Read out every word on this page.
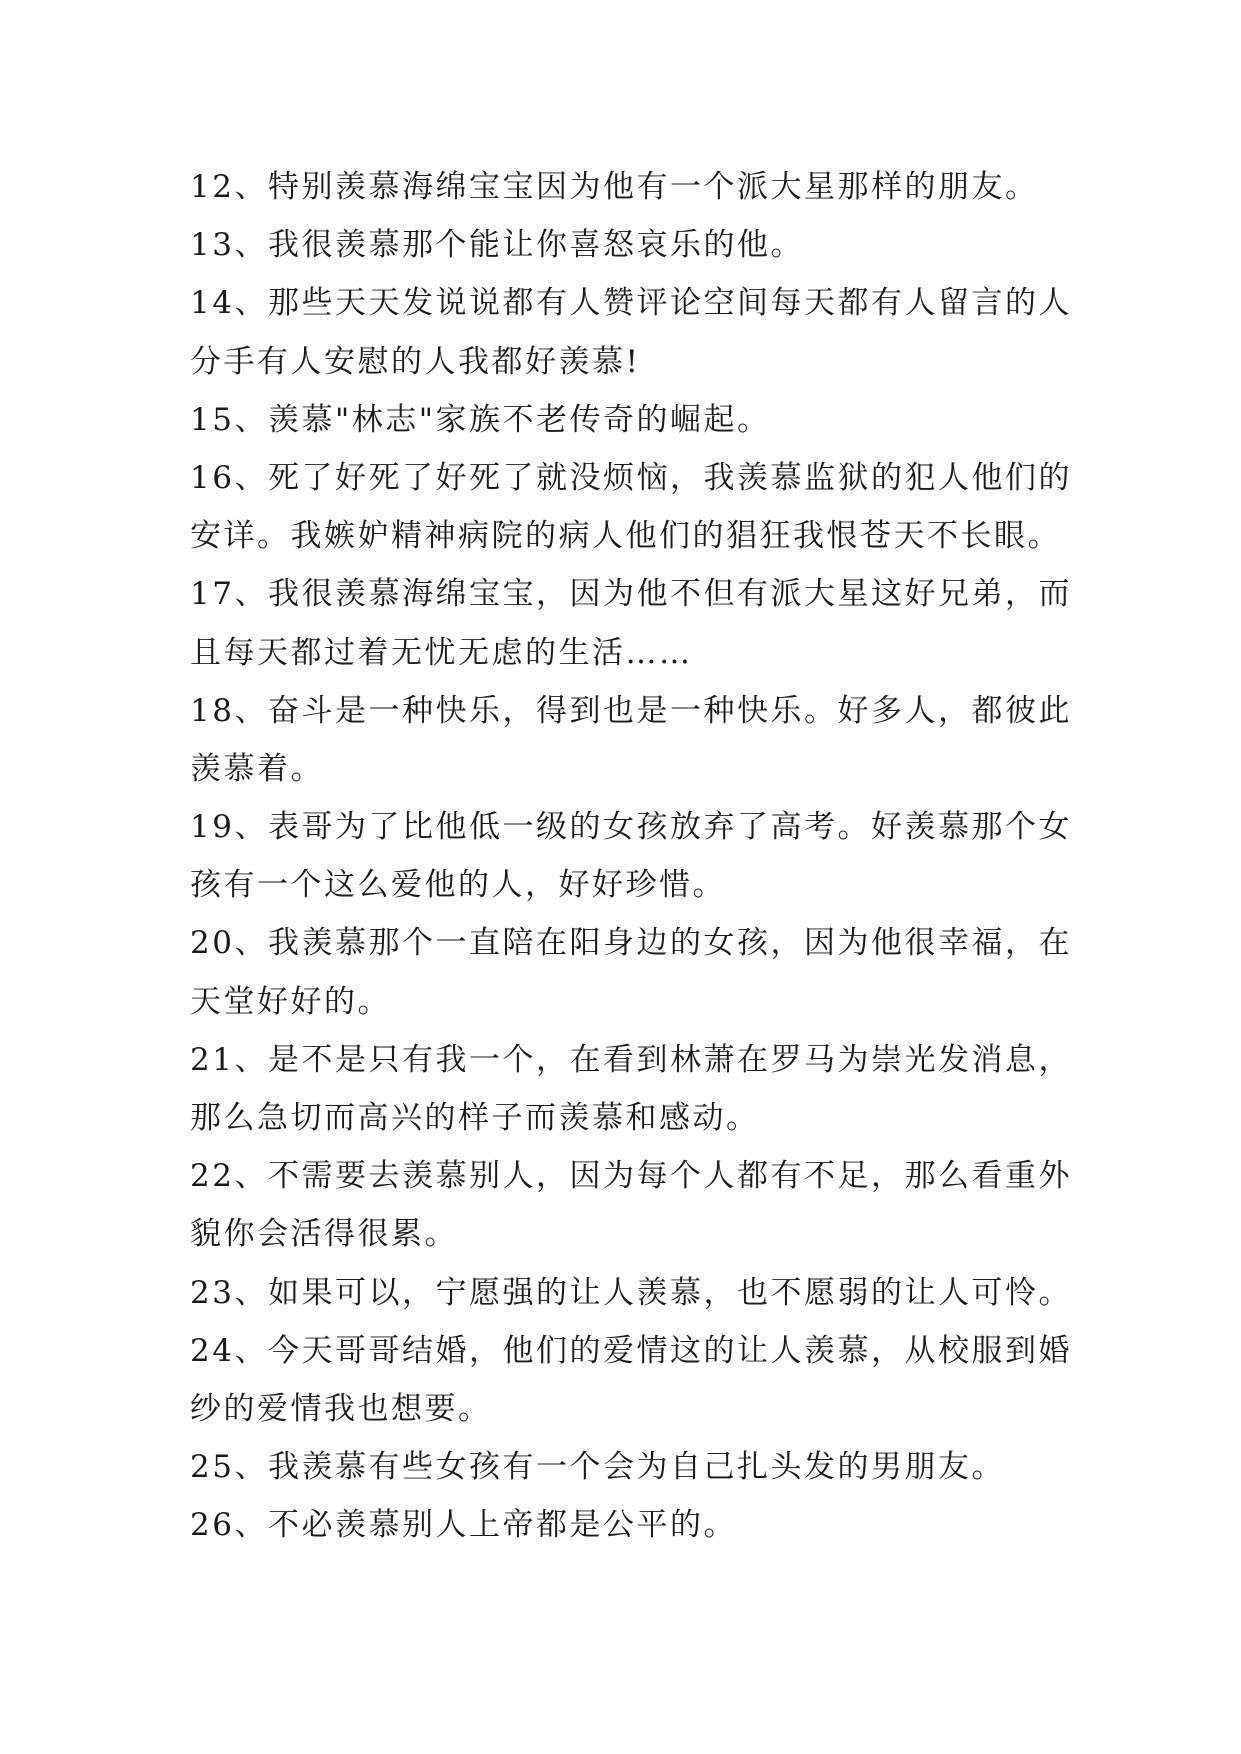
12、特别羡慕海绵宝宝因为他有一个派大星那样的朋友。
13、我很羡慕那个能让你喜怒哀乐的他。
14、那些天天发说说都有人赞评论空间每天都有人留言的人
分手有人安慰的人我都好羡慕!
15、羡慕"林志"家族不老传奇的崛起。
16、死了好死了好死了就没烦恼，我羡慕监狱的犯人他们的
安详。我嫉妒精神病院的病人他们的猖狂我恨苍天不长眼。
17、我很羡慕海绵宝宝，因为他不但有派大星这好兄弟，而
且每天都过着无忧无虑的生活……
18、奋斗是一种快乐，得到也是一种快乐。好多人，都彼此
羡慕着。
19、表哥为了比他低一级的女孩放弃了高考。好羡慕那个女
孩有一个这么爱他的人，好好珍惜。
20、我羡慕那个一直陪在阳身边的女孩，因为他很幸福，在
天堂好好的。
21、是不是只有我一个，在看到林萧在罗马为崇光发消息，
那么急切而高兴的样子而羡慕和感动。
22、不需要去羡慕别人，因为每个人都有不足，那么看重外
貌你会活得很累。
23、如果可以，宁愿强的让人羡慕，也不愿弱的让人可怜。
24、今天哥哥结婚，他们的爱情这的让人羡慕，从校服到婚
纱的爱情我也想要。
25、我羡慕有些女孩有一个会为自己扎头发的男朋友。
26、不必羡慕别人上帝都是公平的。
